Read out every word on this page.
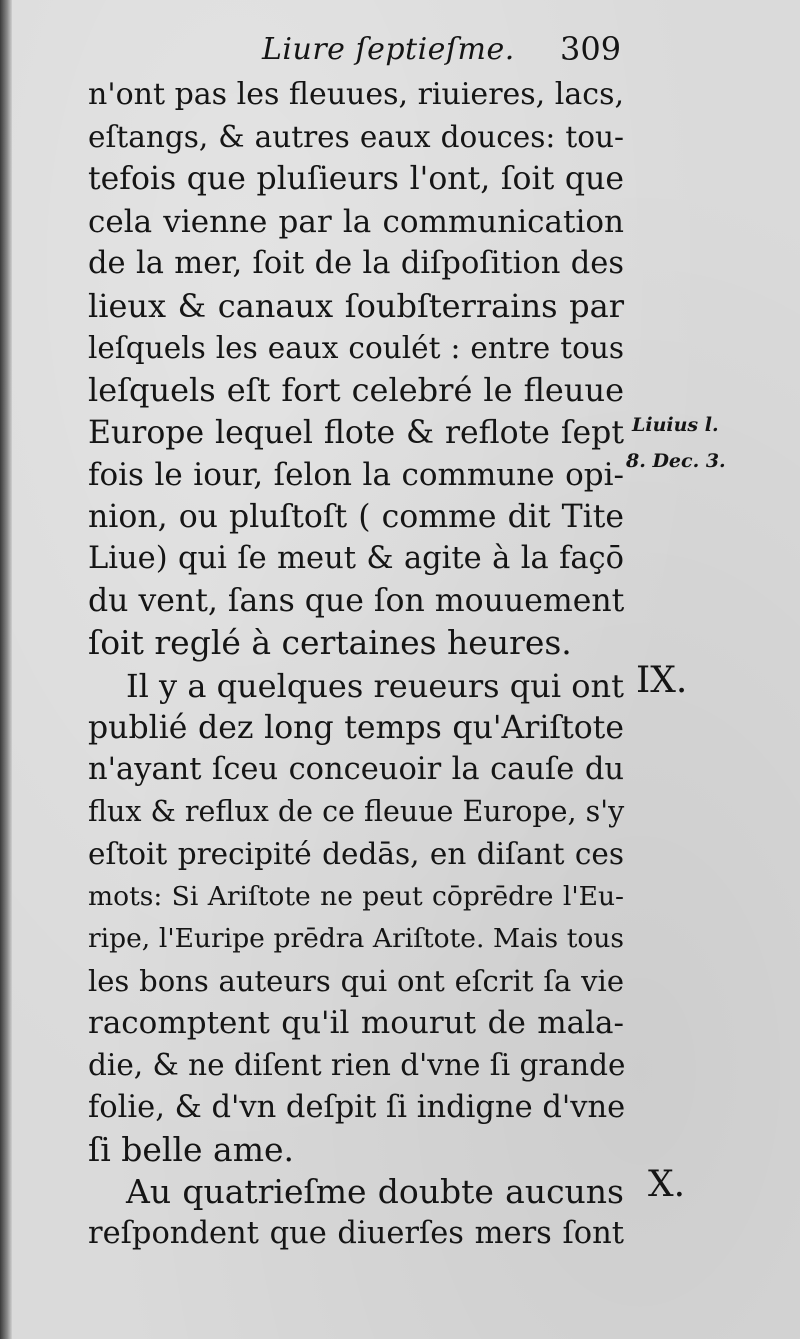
Liure ſeptieſme. 309
n'ont pas les fleuues, riuieres, lacs,
eſtangs, & autres eaux douces: tou-
tefois que pluſieurs l'ont, ſoit que
cela vienne par la communication
de la mer, ſoit de la diſpoſition des
lieux & canaux ſoubſterrains par
leſquels les eaux coulét : entre tous
leſquels eſt fort celebré le fleuue
Europe lequel flote & reflote ſept
fois le iour, ſelon la commune opi-
nion, ou pluſtoſt ( comme dit Tite
Liue) qui ſe meut & agite à la façō
du vent, ſans que ſon mouuement
ſoit reglé à certaines heures.
Il y a quelques reueurs qui ont
publié dez long temps qu'Ariſtote
n'ayant ſceu conceuoir la cauſe du
flux & reflux de ce fleuue Europe, s'y
eſtoit precipité dedās, en diſant ces
mots: Si Ariſtote ne peut cōprēdre l'Eu-
ripe, l'Euripe prēdra Ariſtote. Mais tous
les bons auteurs qui ont eſcrit ſa vie
racomptent qu'il mourut de mala-
die, & ne diſent rien d'vne ſi grande
folie, & d'vn deſpit ſi indigne d'vne
ſi belle ame.
Au quatrieſme doubte aucuns
reſpondent que diuerſes mers ſont
Liuius l.
8. Dec. 3.
IX.
X.
